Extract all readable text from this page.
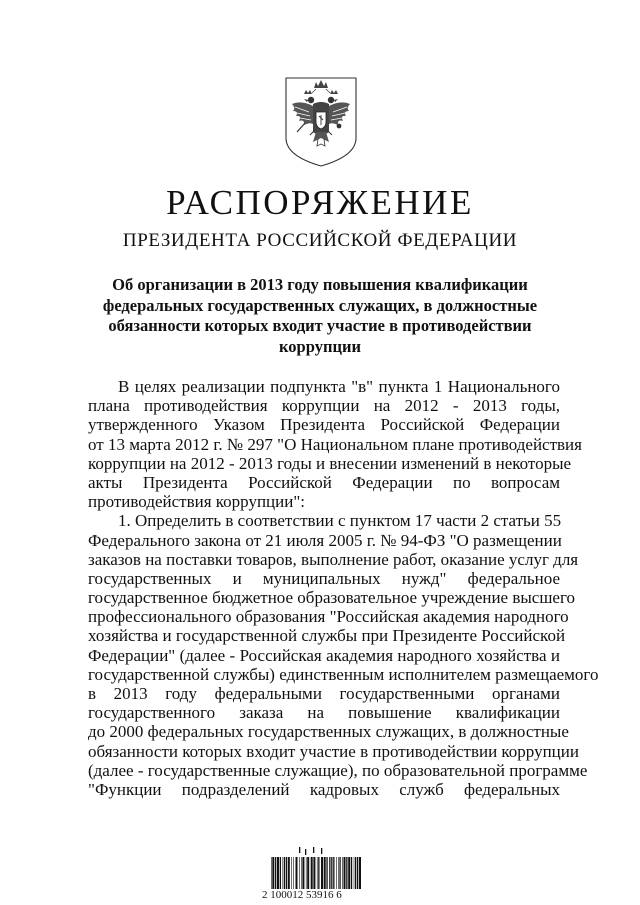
РАСПОРЯЖЕНИЕ
ПРЕЗИДЕНТА РОССИЙСКОЙ ФЕДЕРАЦИИ
Об организации в 2013 году повышения квалификации
федеральных государственных служащих, в должностные
обязанности которых входит участие в противодействии
коррупции
В целях реализации подпункта "в" пункта 1 Национального
плана противодействия коррупции на 2012 - 2013 годы,
утвержденного Указом Президента Российской Федерации
от 13 марта 2012 г. № 297 "О Национальном плане противодействия
коррупции на 2012 - 2013 годы и внесении изменений в некоторые
акты Президента Российской Федерации по вопросам
противодействия коррупции":
1. Определить в соответствии с пунктом 17 части 2 статьи 55
Федерального закона от 21 июля 2005 г. № 94-ФЗ "О размещении
заказов на поставки товаров, выполнение работ, оказание услуг для
государственных и муниципальных нужд" федеральное
государственное бюджетное образовательное учреждение высшего
профессионального образования "Российская академия народного
хозяйства и государственной службы при Президенте Российской
Федерации" (далее - Российская академия народного хозяйства и
государственной службы) единственным исполнителем размещаемого
в 2013 году федеральными государственными органами
государственного заказа на повышение квалификации
до 2000 федеральных государственных служащих, в должностные
обязанности которых входит участие в противодействии коррупции
(далее - государственные служащие), по образовательной программе
"Функции подразделений кадровых служб федеральных
2 100012 53916 6
